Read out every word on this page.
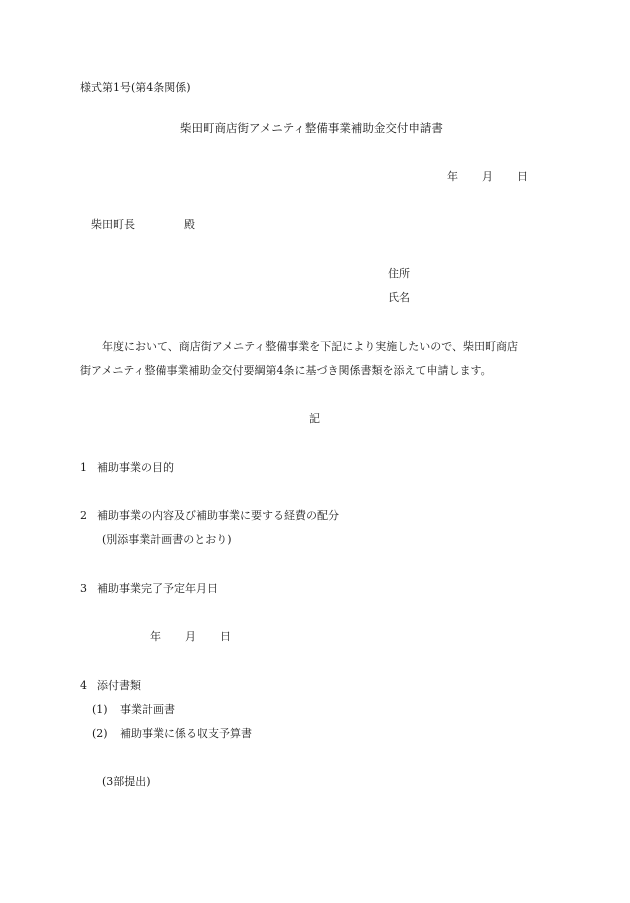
様式第1号(第4条関係)
柴田町商店街アメニティ整備事業補助金交付申請書
年 月 日
柴田町長	殿
住所
氏名
年度において、商店街アメニティ整備事業を下記により実施したいので、柴田町商店
街アメニティ整備事業補助金交付要綱第4条に基づき関係書類を添えて申請します。
記
1 補助事業の目的
2 補助事業の内容及び補助事業に要する経費の配分
(別添事業計画書のとおり)
3 補助事業完了予定年月日
年 月 日
4 添付書類
(1) 事業計画書
(2) 補助事業に係る収支予算書
(3部提出)
